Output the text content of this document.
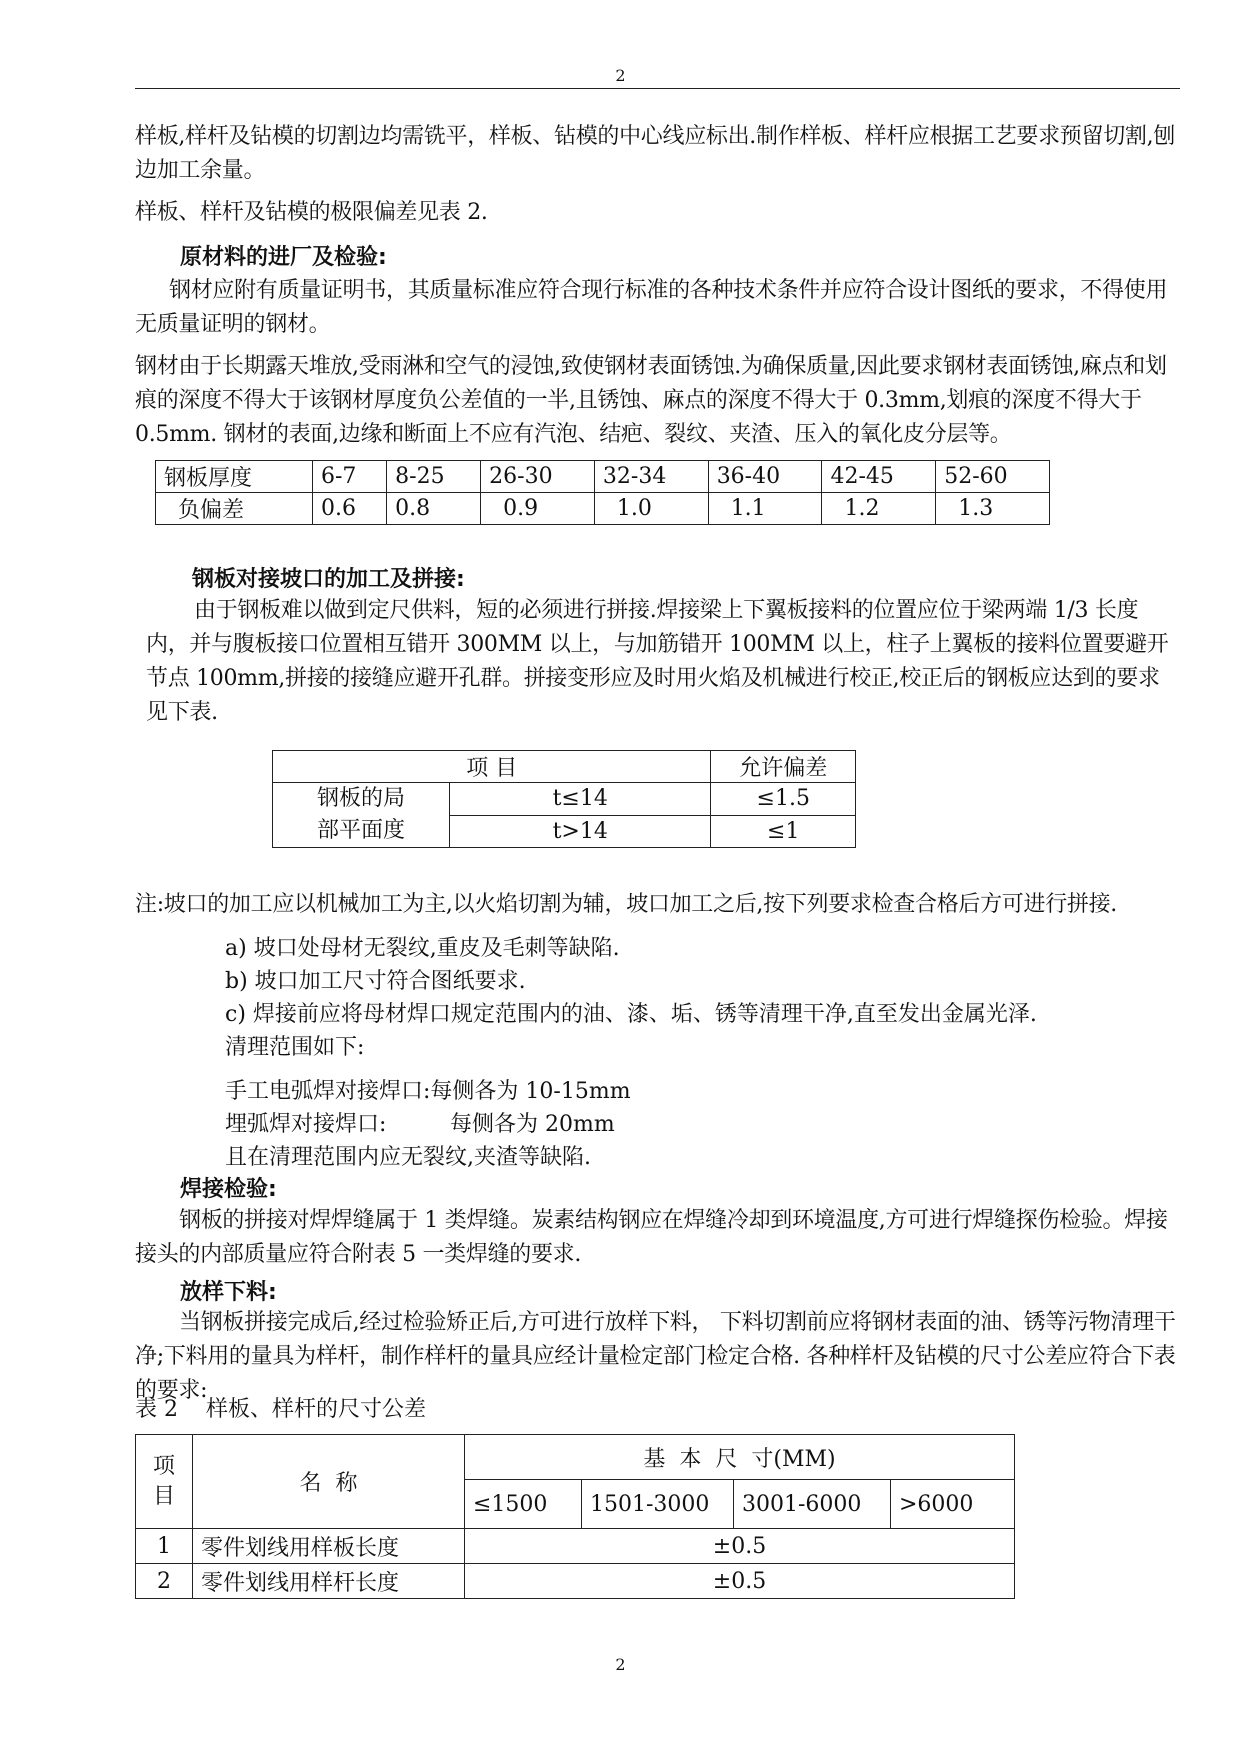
2
样板,样杆及钻模的切割边均需铣平，样板、钻模的中心线应标出.制作样板、样杆应根据工艺要求预留切割,刨边加工余量。
样板、样杆及钻模的极限偏差见表 2.
原材料的进厂及检验:
钢材应附有质量证明书，其质量标准应符合现行标准的各种技术条件并应符合设计图纸的要求，不得使用无质量证明的钢材。
钢材由于长期露天堆放,受雨淋和空气的浸蚀,致使钢材表面锈蚀.为确保质量,因此要求钢材表面锈蚀,麻点和划痕的深度不得大于该钢材厚度负公差值的一半,且锈蚀、麻点的深度不得大于 0.3mm,划痕的深度不得大于 0.5mm. 钢材的表面,边缘和断面上不应有汽泡、结疤、裂纹、夹渣、压入的氧化皮分层等。
钢板厚度	6-7	8-25	26-30	32-34	36-40	42-45	52-60
负偏差	0.6	0.8	0.9	1.0	1.1	1.2	1.3
钢板对接坡口的加工及拼接:
由于钢板难以做到定尺供料，短的必须进行拼接.焊接梁上下翼板接料的位置应位于梁两端 1/3 长度内，并与腹板接口位置相互错开 300MM 以上，与加筋错开 100MM 以上，柱子上翼板的接料位置要避开节点 100mm,拼接的接缝应避开孔群。拼接变形应及时用火焰及机械进行校正,校正后的钢板应达到的要求见下表.
项 目		允许偏差
钢板的局
部平面度	t≤14	≤1.5
	t>14	≤1
注:坡口的加工应以机械加工为主,以火焰切割为辅，坡口加工之后,按下列要求检查合格后方可进行拼接.
a) 坡口处母材无裂纹,重皮及毛刺等缺陷.
b) 坡口加工尺寸符合图纸要求.
c) 焊接前应将母材焊口规定范围内的油、漆、垢、锈等清理干净,直至发出金属光泽.
清理范围如下:
手工电弧焊对接焊口:每侧各为 10-15mm
埋弧焊对接焊口:	每侧各为 20mm
且在清理范围内应无裂纹,夹渣等缺陷.
焊接检验:
钢板的拼接对焊焊缝属于 1 类焊缝。炭素结构钢应在焊缝冷却到环境温度,方可进行焊缝探伤检验。焊接接头的内部质量应符合附表 5 一类焊缝的要求.
放样下料:
当钢板拼接完成后,经过检验矫正后,方可进行放样下料， 下料切割前应将钢材表面的油、锈等污物清理干净;下料用的量具为样杆，制作样杆的量具应经计量检定部门检定合格. 各种样杆及钻模的尺寸公差应符合下表的要求:
表 2    样板、样杆的尺寸公差
项
目	名  称	基  本  尺  寸(MM)			
		≤1500	1501-3000	3001-6000	>6000
1	零件划线用样板长度	±0.5			
2	零件划线用样杆长度	±0.5			
2
